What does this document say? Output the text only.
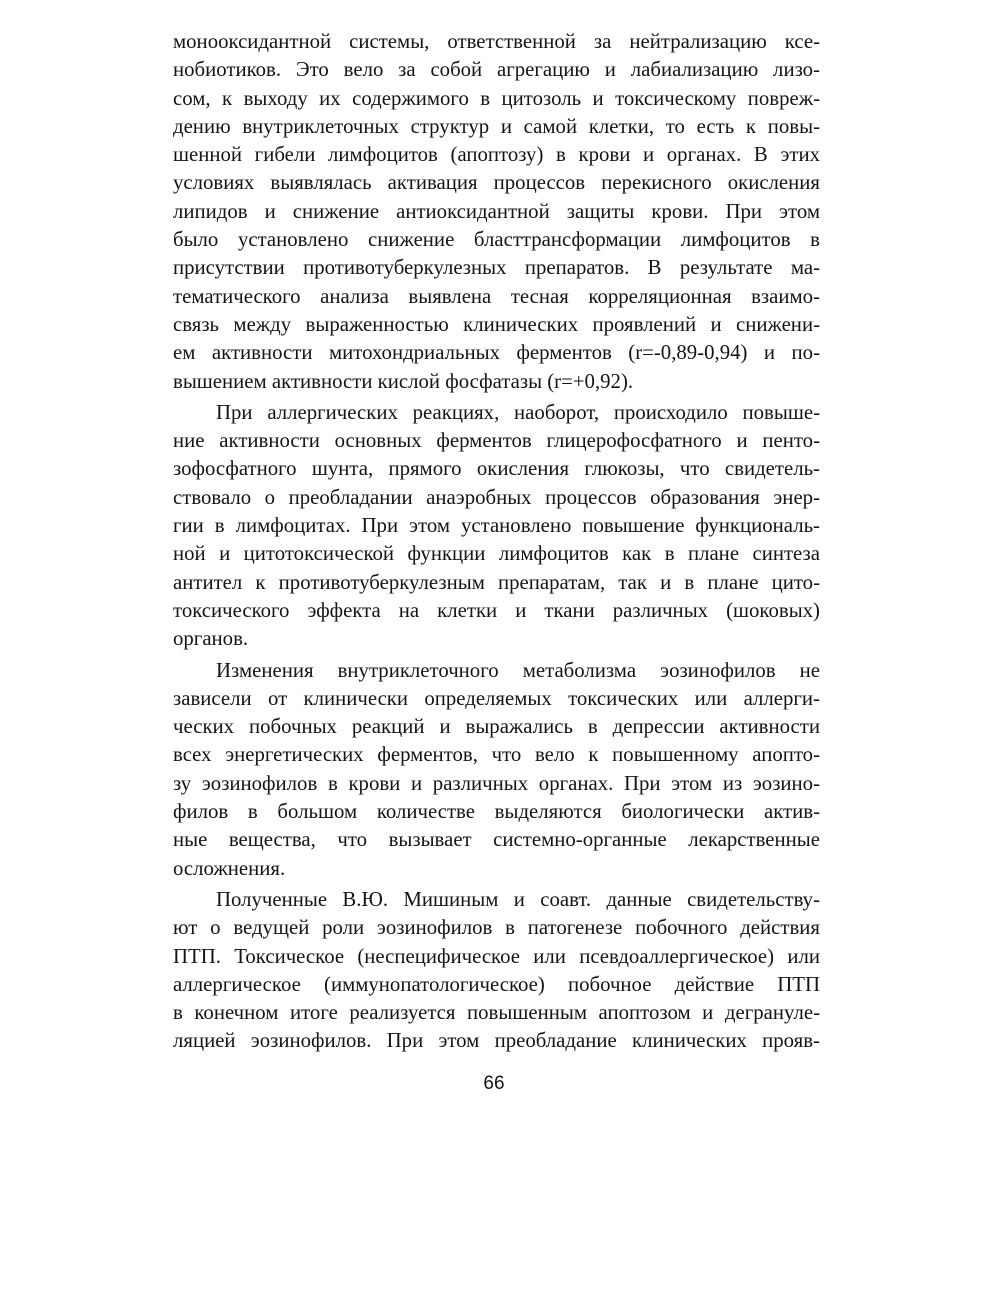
монооксидантной системы, ответственной за нейтрализацию ксе-
нобиотиков. Это вело за собой агрегацию и лабиализацию лизо-
сом, к выходу их содержимого в цитозоль и токсическому повреж-
дению внутриклеточных структур и самой клетки, то есть к повы-
шенной гибели лимфоцитов (апоптозу) в крови и органах. В этих
условиях выявлялась активация процессов перекисного окисления
липидов и снижение антиоксидантной защиты крови. При этом
было установлено снижение бласттрансформации лимфоцитов в
присутствии противотуберкулезных препаратов. В результате ма-
тематического анализа выявлена тесная корреляционная взаимо-
связь между выраженностью клинических проявлений и снижени-
ем активности митохондриальных ферментов (r=-0,89-0,94) и по-
вышением активности кислой фосфатазы (r=+0,92).
При аллергических реакциях, наоборот, происходило повыше-
ние активности основных ферментов глицерофосфатного и пенто-
зофосфатного шунта, прямого окисления глюкозы, что свидетель-
ствовало о преобладании анаэробных процессов образования энер-
гии в лимфоцитах. При этом установлено повышение функциональ-
ной и цитотоксической функции лимфоцитов как в плане синтеза
антител к противотуберкулезным препаратам, так и в плане цито-
токсического эффекта на клетки и ткани различных (шоковых)
органов.
Изменения внутриклеточного метаболизма эозинофилов не
зависели от клинически определяемых токсических или аллерги-
ческих побочных реакций и выражались в депрессии активности
всех энергетических ферментов, что вело к повышенному апопто-
зу эозинофилов в крови и различных органах. При этом из эозино-
филов в большом количестве выделяются биологически актив-
ные вещества, что вызывает системно-органные лекарственные
осложнения.
Полученные В.Ю. Мишиным и соавт. данные свидетельству-
ют о ведущей роли эозинофилов в патогенезе побочного действия
ПТП. Токсическое (неспецифическое или псевдоаллергическое) или
аллергическое (иммунопатологическое) побочное действие ПТП
в конечном итоге реализуется повышенным апоптозом и дегрануле-
ляцией эозинофилов. При этом преобладание клинических прояв-
66
